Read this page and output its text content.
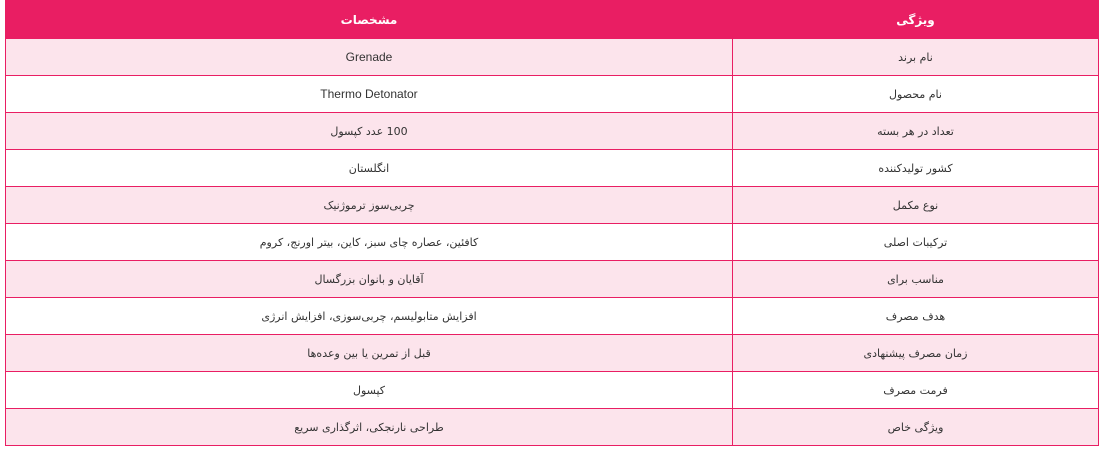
ویژگی	مشخصات
نام برند	Grenade
نام محصول	Thermo Detonator
تعداد در هر بسته	100 عدد کپسول
کشور تولیدکننده	انگلستان
نوع مکمل	چربی‌سوز ترموژنیک
ترکیبات اصلی	کافئین، عصاره چای سبز، کاین، بیتر اورنج، کروم
مناسب برای	آقایان و بانوان بزرگسال
هدف مصرف	افزایش متابولیسم، چربی‌سوزی، افزایش انرژی
زمان مصرف پیشنهادی	قبل از تمرین یا بین وعده‌ها
فرمت مصرف	کپسول
ویژگی خاص	طراحی نارنجکی، اثرگذاری سریع
